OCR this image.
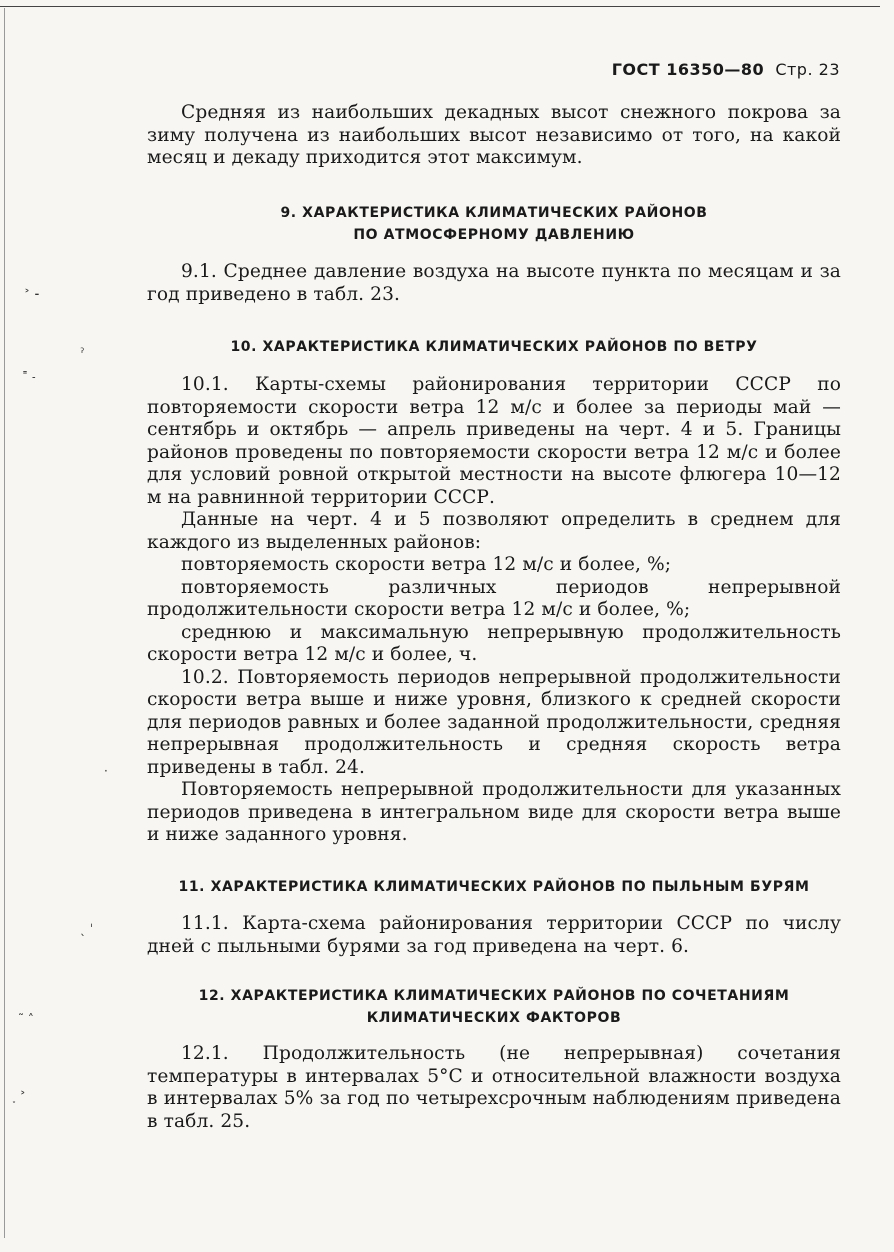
ГОСТ 16350—80 Стр. 23

Средняя из наибольших декадных высот снежного покрова за зиму получена из наибольших высот независимо от того, на какой месяц и декаду приходится этот максимум.

9. ХАРАКТЕРИСТИКА КЛИМАТИЧЕСКИХ РАЙОНОВ
ПО АТМОСФЕРНОМУ ДАВЛЕНИЮ

9.1. Среднее давление воздуха на высоте пункта по месяцам и за год приведено в табл. 23.

10. ХАРАКТЕРИСТИКА КЛИМАТИЧЕСКИХ РАЙОНОВ ПО ВЕТРУ

10.1. Карты-схемы районирования территории СССР по повторяемости скорости ветра 12 м/с и более за периоды май — сентябрь и октябрь — апрель приведены на черт. 4 и 5. Границы районов проведены по повторяемости скорости ветра 12 м/с и более для условий ровной открытой местности на высоте флюгера 10—12 м на равнинной территории СССР.

Данные на черт. 4 и 5 позволяют определить в среднем для каждого из выделенных районов:

повторяемость скорости ветра 12 м/с и более, %;

повторяемость различных периодов непрерывной продолжительности скорости ветра 12 м/с и более, %;

среднюю и максимальную непрерывную продолжительность скорости ветра 12 м/с и более, ч.

10.2. Повторяемость периодов непрерывной продолжительности скорости ветра выше и ниже уровня, близкого к средней скорости для периодов равных и более заданной продолжительности, средняя непрерывная продолжительность и средняя скорость ветра приведены в табл. 24.

Повторяемость непрерывной продолжительности для указанных периодов приведена в интегральном виде для скорости ветра выше и ниже заданного уровня.

11. ХАРАКТЕРИСТИКА КЛИМАТИЧЕСКИХ РАЙОНОВ ПО ПЫЛЬНЫМ БУРЯМ

11.1. Карта-схема районирования территории СССР по числу дней с пыльными бурями за год приведена на черт. 6.

12. ХАРАКТЕРИСТИКА КЛИМАТИЧЕСКИХ РАЙОНОВ ПО СОЧЕТАНИЯМ
КЛИМАТИЧЕСКИХ ФАКТОРОВ

12.1. Продолжительность (не непрерывная) сочетания температуры в интервалах 5°С и относительной влажности воздуха в интервалах 5% за год по четырехсрочным наблюдениям приведена в табл. 25.

˃ ⁃
ˀ
˭ ˗
·
ˎ ˈ
˜ ˄
˯ ˃
